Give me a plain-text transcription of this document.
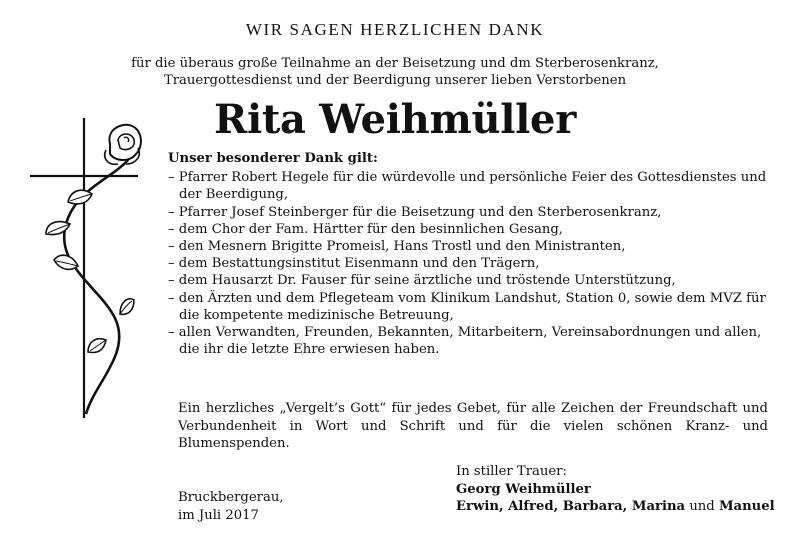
WIR SAGEN HERZLICHEN DANK
für die überaus große Teilnahme an der Beisetzung und dm Sterberosenkranz,
Trauergottesdienst und der Beerdigung unserer lieben Verstorbenen
Rita Weihmüller
Unser besonderer Dank gilt:
– Pfarrer Robert Hegele für die würdevolle und persönliche Feier des Gottesdienstes und der Beerdigung,
– Pfarrer Josef Steinberger für die Beisetzung und den Sterberosenkranz,
– dem Chor der Fam. Härtter für den besinnlichen Gesang,
– den Mesnern Brigitte Promeisl, Hans Trostl und den Ministranten,
– dem Bestattungsinstitut Eisenmann und den Trägern,
– dem Hausarzt Dr. Fauser für seine ärztliche und tröstende Unterstützung,
– den Ärzten und dem Pflegeteam vom Klinikum Landshut, Station 0, sowie dem MVZ für die kompetente medizinische Betreuung,
– allen Verwandten, Freunden, Bekannten, Mitarbeitern, Vereinsabordnungen und allen, die ihr die letzte Ehre erwiesen haben.
Ein herzliches „Vergelt’s Gott“ für jedes Gebet, für alle Zeichen der Freundschaft und Verbundenheit in Wort und Schrift und für die vielen schönen Kranz- und Blumenspenden.
Bruckbergerau,
im Juli 2017
In stiller Trauer:
Georg Weihmüller
Erwin, Alfred, Barbara, Marina und Manuel
